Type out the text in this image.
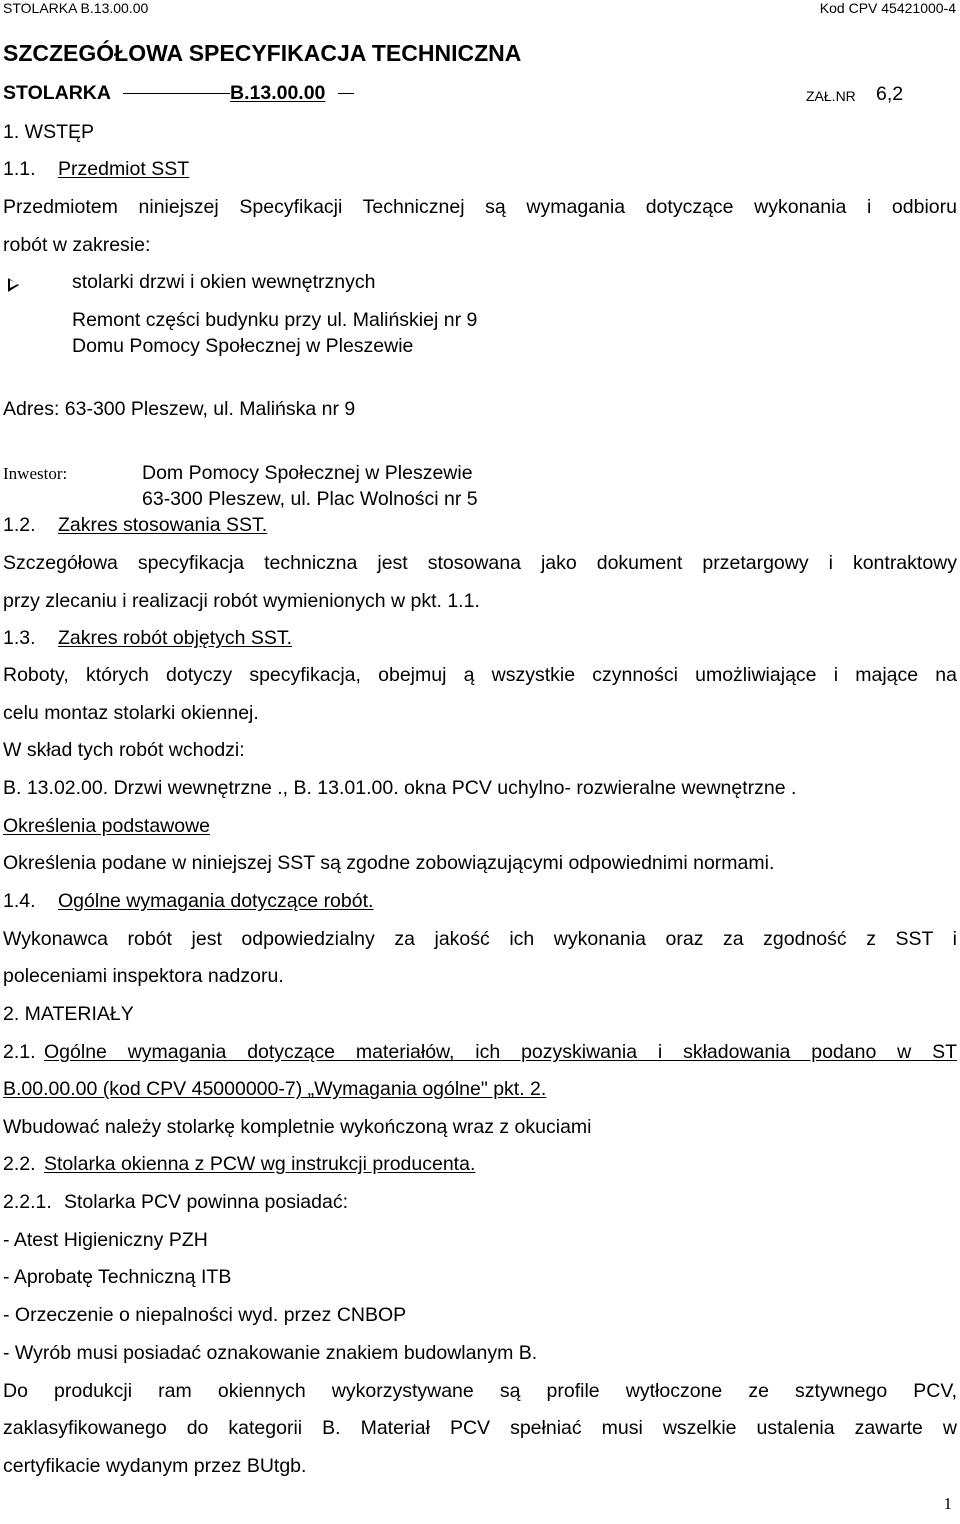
STOLARKA B.13.00.00	Kod CPV 45421000-4
SZCZEGÓŁOWA SPECYFIKACJA TECHNICZNA
STOLARKA	B.13.00.00	ZAŁ.NR 6,2
1. WSTĘP
1.1. Przedmiot SST
Przedmiotem niniejszej Specyfikacji Technicznej są wymagania dotyczące wykonania i odbioru
robót w zakresie:
stolarki drzwi i okien wewnętrznych
Remont części budynku przy ul. Malińskiej nr 9
Domu Pomocy Społecznej w Pleszewie
Adres: 63-300 Pleszew, ul. Malińska nr 9
Inwestor:	Dom Pomocy Społecznej w Pleszewie
63-300 Pleszew, ul. Plac Wolności nr 5
1.2. Zakres stosowania SST.
Szczegółowa specyfikacja techniczna jest stosowana jako dokument przetargowy i kontraktowy
przy zlecaniu i realizacji robót wymienionych w pkt. 1.1.
1.3. Zakres robót objętych SST.
Roboty, których dotyczy specyfikacja, obejmuj ą wszystkie czynności umożliwiające i mające na
celu montaz stolarki okiennej.
W skład tych robót wchodzi:
B. 13.02.00. Drzwi wewnętrzne ., B. 13.01.00. okna PCV uchylno- rozwieralne wewnętrzne .
Określenia podstawowe
Określenia podane w niniejszej SST są zgodne zobowiązującymi odpowiednimi normami.
1.4. Ogólne wymagania dotyczące robót.
Wykonawca robót jest odpowiedzialny za jakość ich wykonania oraz za zgodność z SST i
poleceniami inspektora nadzoru.
2. MATERIAŁY
2.1. Ogólne wymagania dotyczące materiałów, ich pozyskiwania i składowania podano w ST
B.00.00.00 (kod CPV 45000000-7) „Wymagania ogólne" pkt. 2.
Wbudować należy stolarkę kompletnie wykończoną wraz z okuciami
2.2. Stolarka okienna z PCW wg instrukcji producenta.
2.2.1. Stolarka PCV powinna posiadać:
- Atest Higieniczny PZH
- Aprobatę Techniczną ITB
- Orzeczenie o niepalności wyd. przez CNBOP
- Wyrób musi posiadać oznakowanie znakiem budowlanym B.
Do produkcji ram okiennych wykorzystywane są profile wytłoczone ze sztywnego PCV,
zaklasyfikowanego do kategorii B. Materiał PCV spełniać musi wszelkie ustalenia zawarte w
certyfikacie wydanym przez BUtgb.
1
